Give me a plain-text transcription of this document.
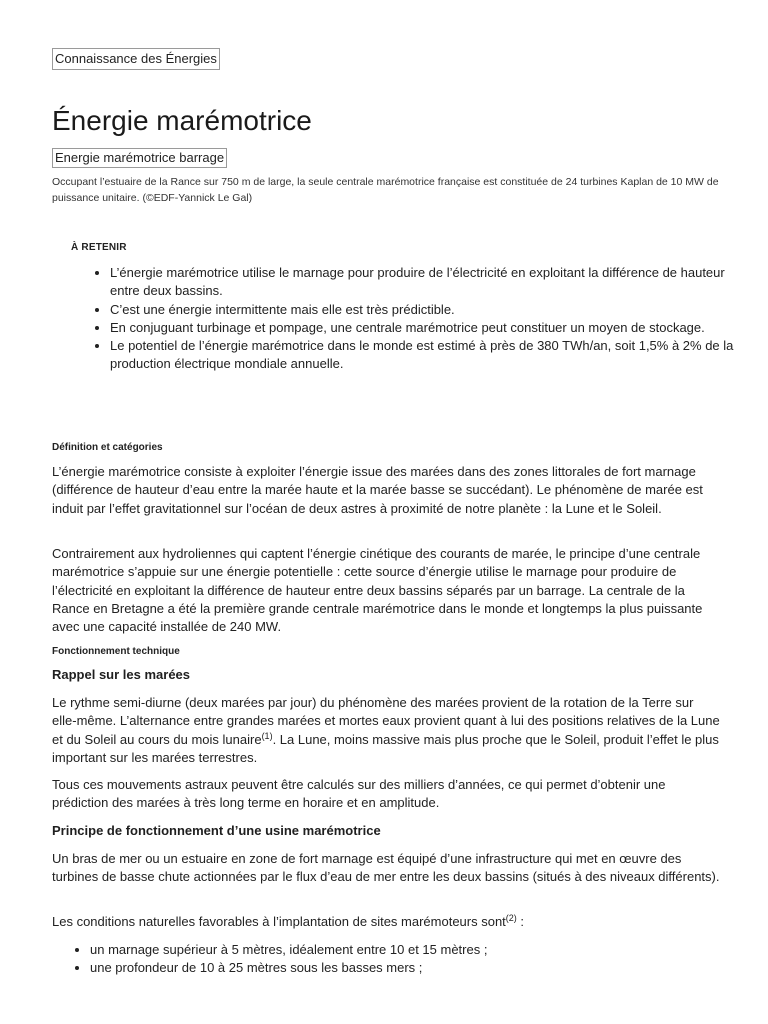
Connaissance des Énergies
Énergie marémotrice
Energie marémotrice barrage
Occupant l’estuaire de la Rance sur 750 m de large, la seule centrale marémotrice française est constituée de 24 turbines Kaplan de 10 MW de puissance unitaire. (©EDF-Yannick Le Gal)
À RETENIR
• L’énergie marémotrice utilise le marnage pour produire de l’électricité en exploitant la différence de hauteur entre deux bassins.
• C’est une énergie intermittente mais elle est très prédictible.
• En conjuguant turbinage et pompage, une centrale marémotrice peut constituer un moyen de stockage.
• Le potentiel de l’énergie marémotrice dans le monde est estimé à près de 380 TWh/an, soit 1,5% à 2% de la production électrique mondiale annuelle.
Définition et catégories

L’énergie marémotrice consiste à exploiter l’énergie issue des marées dans des zones littorales de fort marnage (différence de hauteur d’eau entre la marée haute et la marée basse se succédant). Le phénomène de marée est induit par l’effet gravitationnel sur l’océan de deux astres à proximité de notre planète : la Lune et le Soleil.

Contrairement aux hydroliennes qui captent l’énergie cinétique des courants de marée, le principe d’une centrale marémotrice s’appuie sur une énergie potentielle : cette source d’énergie utilise le marnage pour produire de l’électricité en exploitant la différence de hauteur entre deux bassins séparés par un barrage. La centrale de la Rance en Bretagne a été la première grande centrale marémotrice dans le monde et longtemps la plus puissante avec une capacité installée de 240 MW.

Fonctionnement technique
Rappel sur les marées

Le rythme semi-diurne (deux marées par jour) du phénomène des marées provient de la rotation de la Terre sur elle-même. L’alternance entre grandes marées et mortes eaux provient quant à lui des positions relatives de la Lune et du Soleil au cours du mois lunaire$^{(1)}$. La Lune, moins massive mais plus proche que le Soleil, produit l’effet le plus important sur les marées terrestres.

Tous ces mouvements astraux peuvent être calculés sur des milliers d’années, ce qui permet d’obtenir une prédiction des marées à très long terme en horaire et en amplitude.

Principe de fonctionnement d’une usine marémotrice

Un bras de mer ou un estuaire en zone de fort marnage est équipé d’une infrastructure qui met en œuvre des turbines de basse chute actionnées par le flux d’eau de mer entre les deux bassins (situés à des niveaux différents).

Les conditions naturelles favorables à l’implantation de sites marémoteurs sont$^{(2)}$ :

• un marnage supérieur à 5 mètres, idéalement entre 10 et 15 mètres ;
• une profondeur de 10 à 25 mètres sous les basses mers ;
